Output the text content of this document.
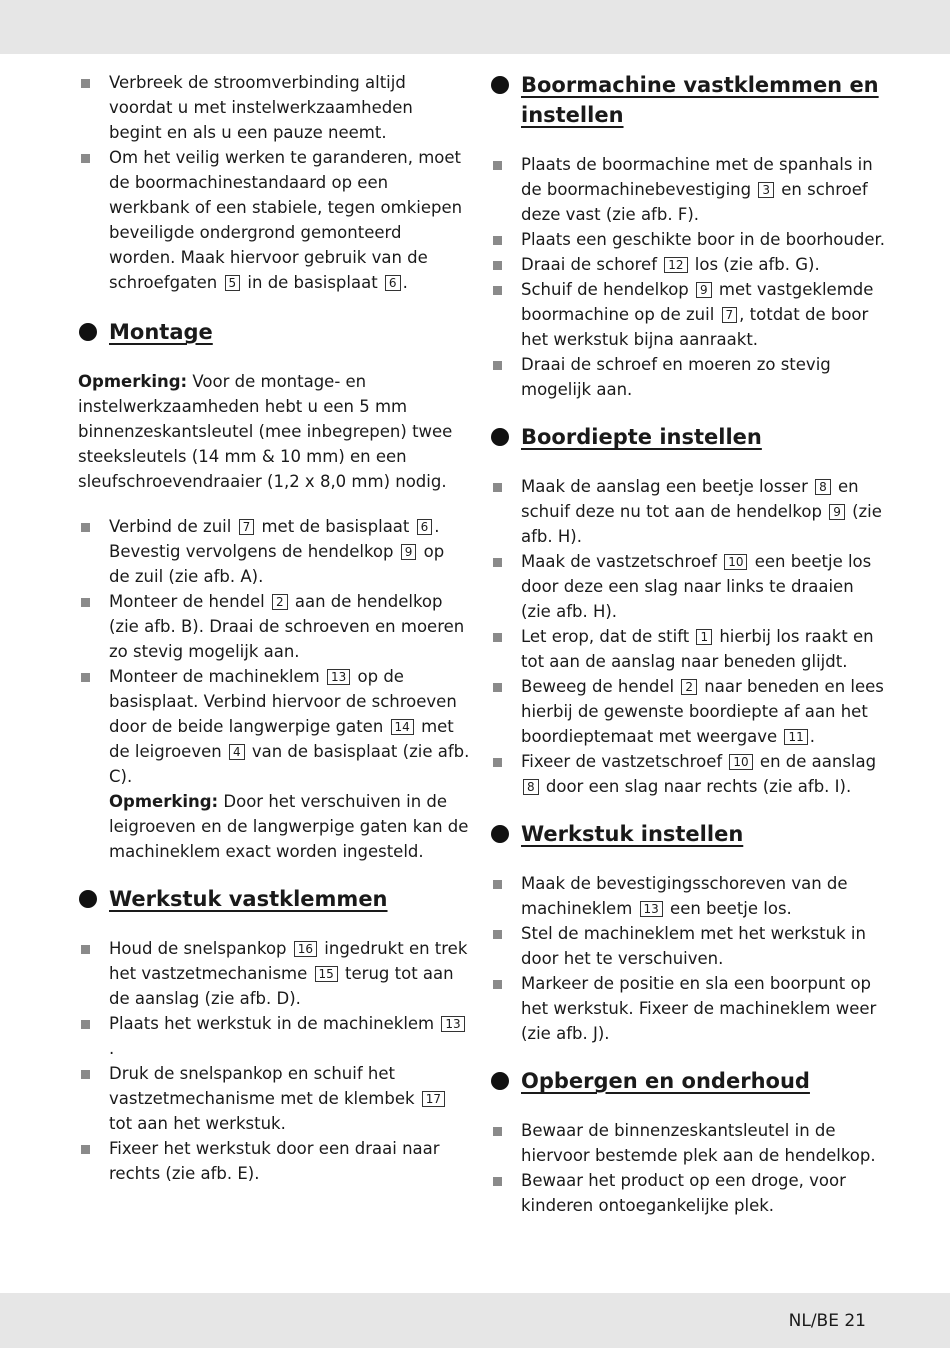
Verbreek de stroomverbinding altijd voordat u met instelwerkzaamheden begint en als u een pauze neemt.
Om het veilig werken te garanderen, moet de boormachinestandaard op een werkbank of een stabiele, tegen omkiepen beveiligde ondergrond gemonteerd worden. Maak hiervoor gebruik van de schroefgaten 5 in de basisplaat 6 .
Montage

Opmerking: Voor de montage- en instelwerkzaamheden hebt u een 5 mm binnenzeskantsleutel (mee inbegrepen) twee steeksleutels (14 mm & 10 mm) en een sleufschroevendraaier (1,2 x 8,0 mm) nodig.

Verbind de zuil 7 met de basisplaat 6 . Bevestig vervolgens de hendelkop 9 op de zuil (zie afb. A).
Monteer de hendel 2 aan de hendelkop (zie afb. B). Draai de schroeven en moeren zo stevig mogelijk aan.
Monteer de machineklem 13 op de basisplaat. Verbind hiervoor de schroeven door de beide langwerpige gaten 14 met de leigroeven 4 van de basisplaat (zie afb. C).

Opmerking: Door het verschuiven in de leigroeven en de langwerpige gaten kan de machineklem exact worden ingesteld.

Werkstuk vastklemmen
Houd de snelspankop 16 ingedrukt en trek het vastzetmechanisme 15 terug tot aan de aanslag (zie afb. D).
Plaats het werkstuk in de machineklem 13.
Druk de snelspankop en schuif het vastzetmechanisme met de klembek 17 tot aan het werkstuk.
Fixeer het werkstuk door een draai naar rechts (zie afb. E).
Boormachine vastklemmen en instellen
Plaats de boormachine met de spanhals in de boormachinebevestiging 3 en schroef deze vast (zie afb. F).
Plaats een geschikte boor in de boorhouder.
Draai de schoref 12 los (zie afb. G).
Schuif de hendelkop 9 met vastgeklemde boormachine op de zuil 7 , totdat de boor het werkstuk bijna aanraakt.
Draai de schroef en moeren zo stevig mogelijk aan.
Boordiepte instellen
Maak de aanslag een beetje losser 8 en schuif deze nu tot aan de hendelkop 9 (zie afb. H).
Maak de vastzetschroef 10 een beetje los door deze een slag naar links te draaien (zie afb. H).
Let erop, dat de stift 1 hierbij los raakt en tot aan de aanslag naar beneden glijdt.
Beweeg de hendel 2 naar beneden en lees hierbij de gewenste boordiepte af aan het boordieptemaat met weergave 11 .
Fixeer de vastzetschroef 10 en de aanslag 8 door een slag naar rechts (zie afb. I).
Werkstuk instellen
Maak de bevestigingsschoreven van de machineklem 13 een beetje los.
Stel de machineklem met het werkstuk in door het te verschuiven.
Markeer de positie en sla een boorpunt op het werkstuk. Fixeer de machineklem weer (zie afb. J).
Opbergen en onderhoud
Bewaar de binnenzeskantsleutel in de hiervoor bestemde plek aan de hendelkop.
Bewaar het product op een droge, voor kinderen ontoegankelijke plek.
NL/BE 21
